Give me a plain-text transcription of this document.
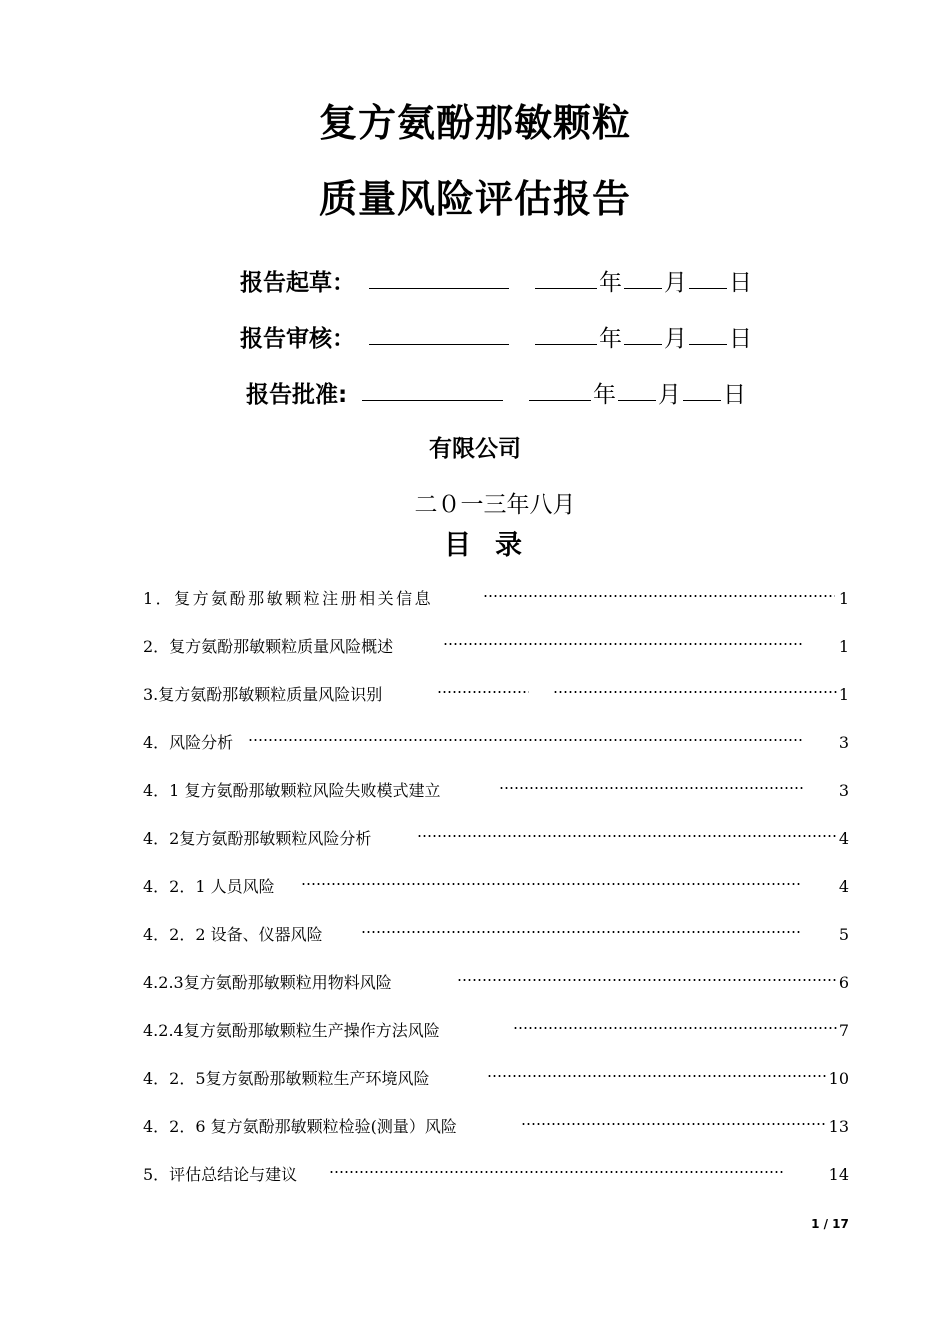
复方氨酚那敏颗粒
质量风险评估报告
报告起草：	年 月 日
报告审核：	年 月 日
报告批准:	年 月 日
有限公司
二０一三年八月
目录
1．复方氨酚那敏颗粒注册相关信息	1
2．复方氨酚那敏颗粒质量风险概述	1
3.复方氨酚那敏颗粒质量风险识别	1
4．风险分析	3
4．1 复方氨酚那敏颗粒风险失败模式建立	3
4．2复方氨酚那敏颗粒风险分析	4
4．2．1 人员风险	4
4．2．2 设备、仪器风险	5
4.2.3复方氨酚那敏颗粒用物料风险	6
4.2.4复方氨酚那敏颗粒生产操作方法风险	7
4．2．5复方氨酚那敏颗粒生产环境风险	10
4．2．6 复方氨酚那敏颗粒检验(测量）风险	13
5．评估总结论与建议	14
1 / 17
